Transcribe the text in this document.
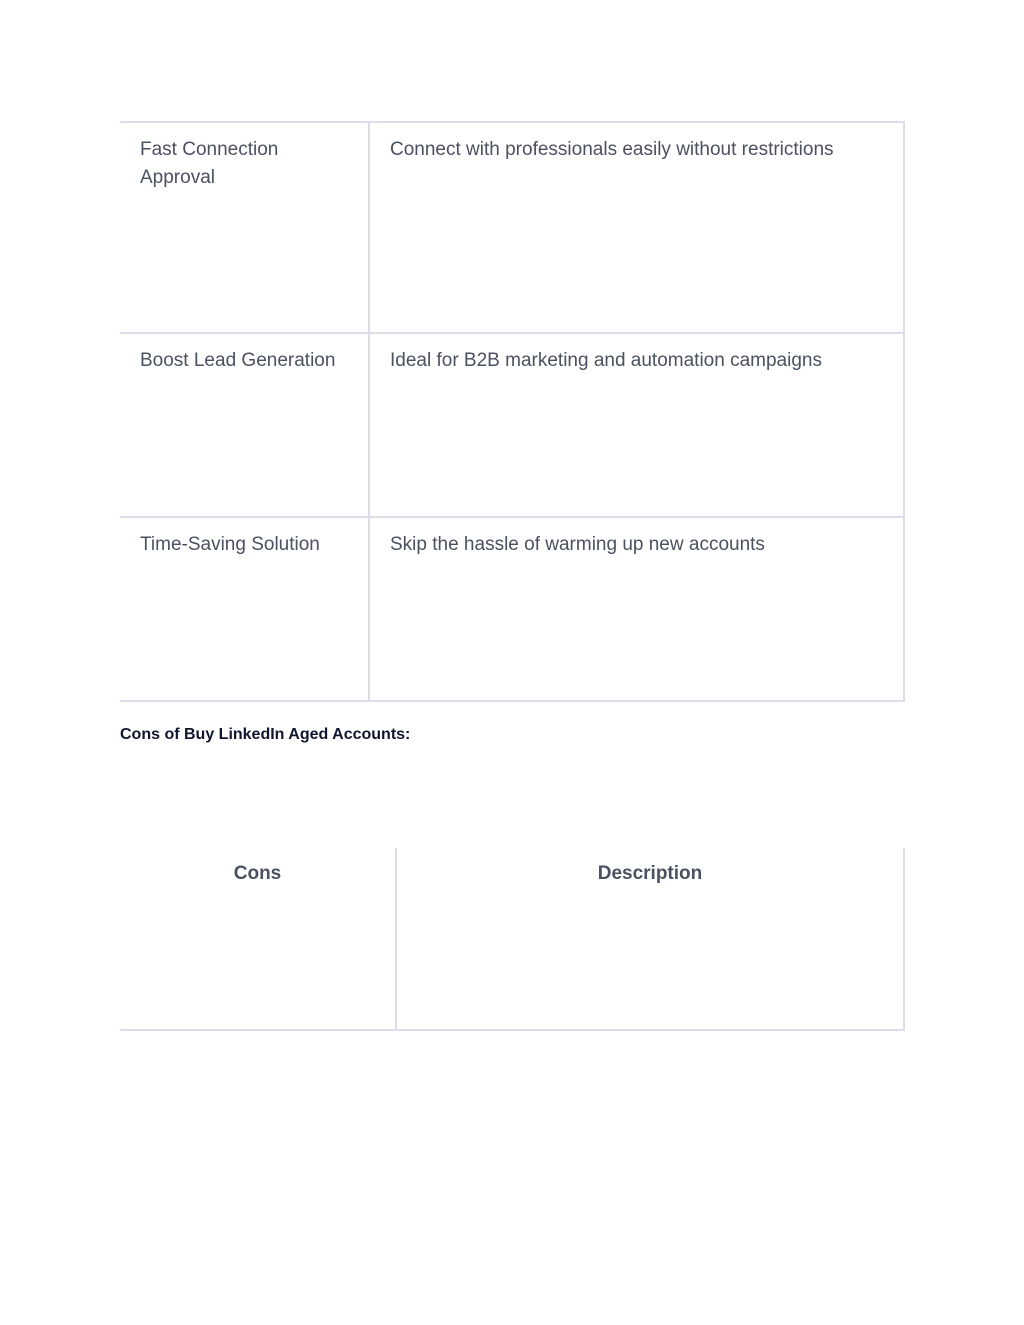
Fast Connection Approval	Connect with professionals easily without restrictions
Boost Lead Generation	Ideal for B2B marketing and automation campaigns
Time-Saving Solution	Skip the hassle of warming up new accounts
Cons of Buy LinkedIn Aged Accounts:
Cons	Description
